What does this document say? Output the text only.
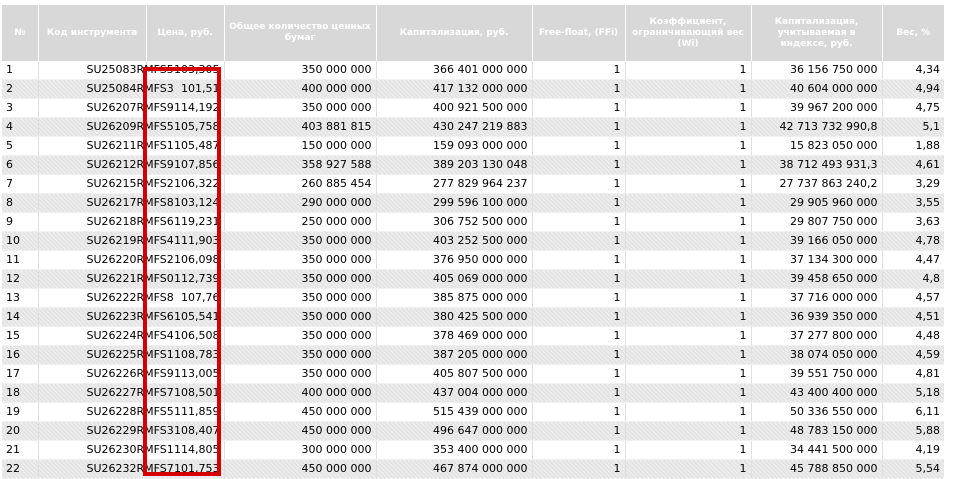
№	Код инструмента	Цена, руб.	Общее количество ценных бумаг	Капитализация, руб.	Free-float, (FFi)	Коэффициент, ограничивающий вес (Wi)	Капитализация, учитываемая в индексе, руб.	Вес, %
1	SU25083RMFS5	103,305	350 000 000	366 401 000 000	1	1	36 156 750 000	4,34
2	SU25084RMFS3	101,51	400 000 000	417 132 000 000	1	1	40 604 000 000	4,94
3	SU26207RMFS9	114,192	350 000 000	400 921 500 000	1	1	39 967 200 000	4,75
4	SU26209RMFS5	105,758	403 881 815	430 247 219 883	1	1	42 713 732 990,8	5,1
5	SU26211RMFS1	105,487	150 000 000	159 093 000 000	1	1	15 823 050 000	1,88
6	SU26212RMFS9	107,856	358 927 588	389 203 130 048	1	1	38 712 493 931,3	4,61
7	SU26215RMFS2	106,322	260 885 454	277 829 964 237	1	1	27 737 863 240,2	3,29
8	SU26217RMFS8	103,124	290 000 000	299 596 100 000	1	1	29 905 960 000	3,55
9	SU26218RMFS6	119,231	250 000 000	306 752 500 000	1	1	29 807 750 000	3,63
10	SU26219RMFS4	111,903	350 000 000	403 252 500 000	1	1	39 166 050 000	4,78
11	SU26220RMFS2	106,098	350 000 000	376 950 000 000	1	1	37 134 300 000	4,47
12	SU26221RMFS0	112,739	350 000 000	405 069 000 000	1	1	39 458 650 000	4,8
13	SU26222RMFS8	107,76	350 000 000	385 875 000 000	1	1	37 716 000 000	4,57
14	SU26223RMFS6	105,541	350 000 000	380 425 500 000	1	1	36 939 350 000	4,51
15	SU26224RMFS4	106,508	350 000 000	378 469 000 000	1	1	37 277 800 000	4,48
16	SU26225RMFS1	108,783	350 000 000	387 205 000 000	1	1	38 074 050 000	4,59
17	SU26226RMFS9	113,005	350 000 000	405 807 500 000	1	1	39 551 750 000	4,81
18	SU26227RMFS7	108,501	400 000 000	437 004 000 000	1	1	43 400 400 000	5,18
19	SU26228RMFS5	111,859	450 000 000	515 439 000 000	1	1	50 336 550 000	6,11
20	SU26229RMFS3	108,407	450 000 000	496 647 000 000	1	1	48 783 150 000	5,88
21	SU26230RMFS1	114,805	300 000 000	353 400 000 000	1	1	34 441 500 000	4,19
22	SU26232RMFS7	101,753	450 000 000	467 874 000 000	1	1	45 788 850 000	5,54
